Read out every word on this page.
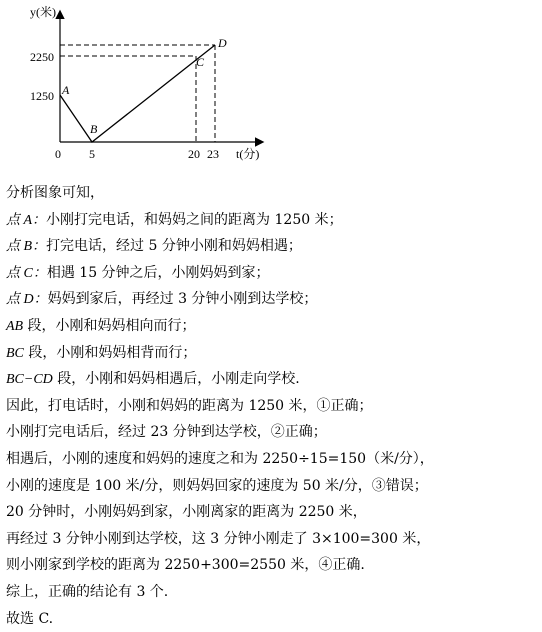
y(米)
t(分)
0 5	20 23
1250
2250
A
B
C
D
分析图象可知，
点 A：小刚打完电话，和妈妈之间的距离为 1250 米；
点 B：打完电话，经过 5 分钟小刚和妈妈相遇；
点 C：相遇 15 分钟之后，小刚妈妈到家；
点 D：妈妈到家后，再经过 3 分钟小刚到达学校；
AB 段，小刚和妈妈相向而行；
BC 段，小刚和妈妈相背而行；
BC−CD 段，小刚和妈妈相遇后，小刚走向学校.
因此，打电话时，小刚和妈妈的距离为 1250 米，①正确；
小刚打完电话后，经过 23 分钟到达学校，②正确；
相遇后，小刚的速度和妈妈的速度之和为 2250÷15=150（米/分），
小刚的速度是 100 米/分，则妈妈回家的速度为 50 米/分，③错误；
20 分钟时，小刚妈妈到家，小刚离家的距离为 2250 米，
再经过 3 分钟小刚到达学校，这 3 分钟小刚走了 3×100=300 米，
则小刚家到学校的距离为 2250+300=2550 米，④正确.
综上，正确的结论有 3 个.
故选 C.
